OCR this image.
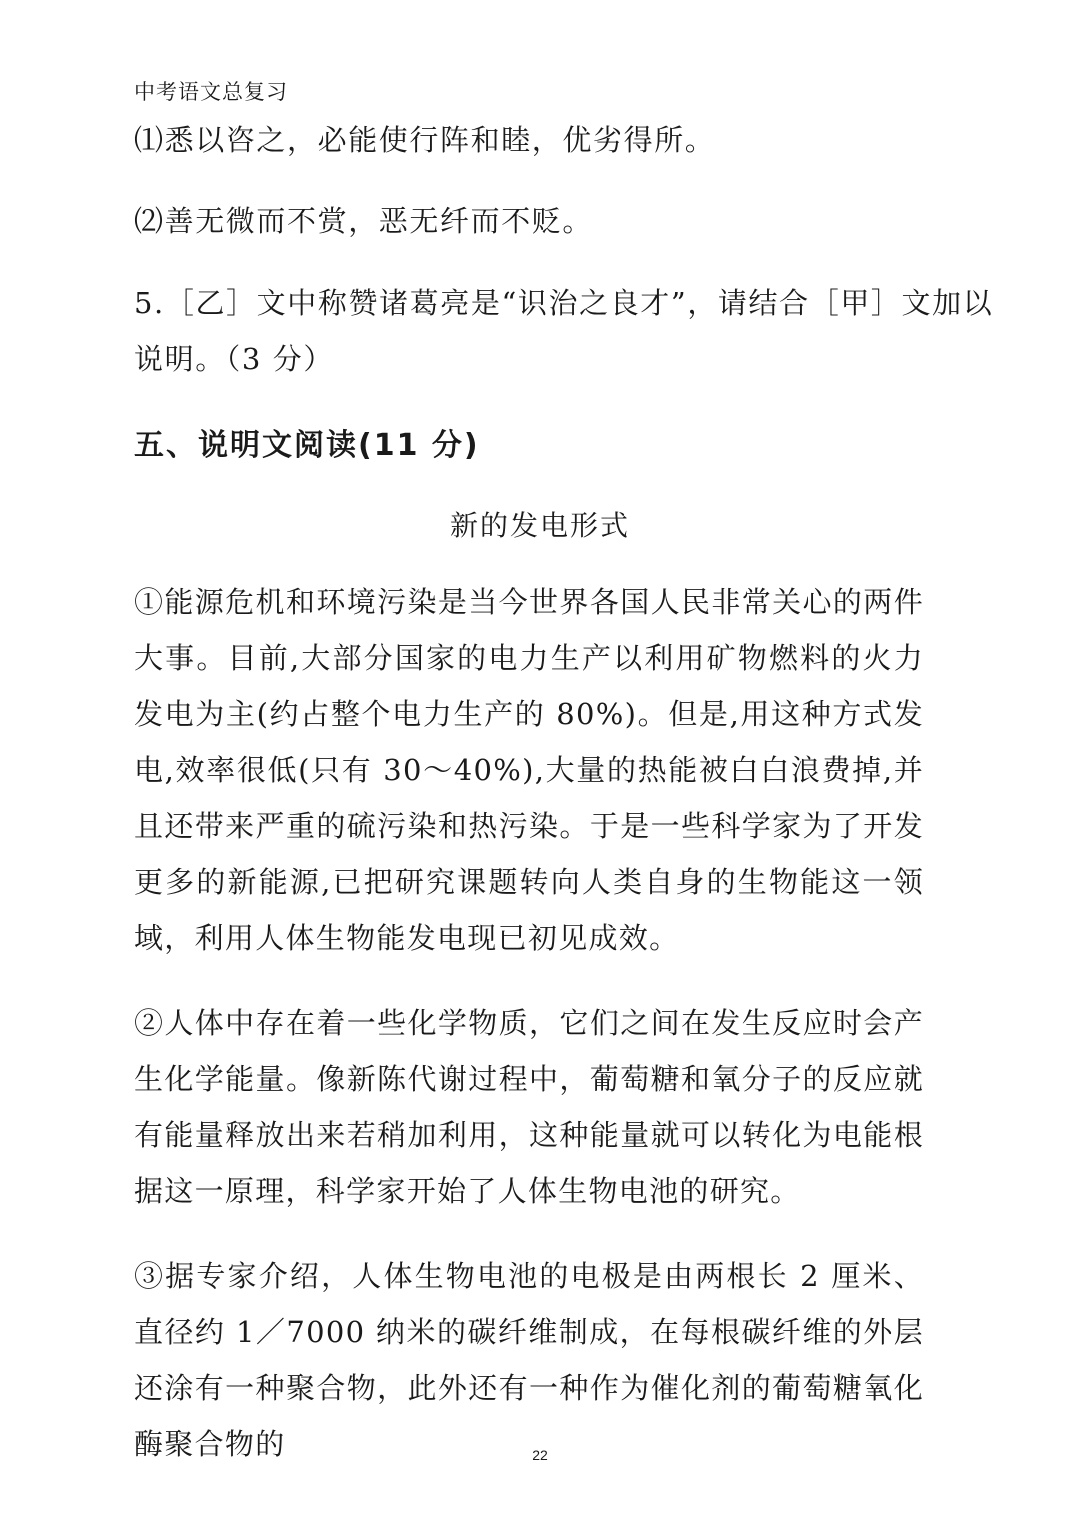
中考语文总复习
⑴悉以咨之，必能使行阵和睦，优劣得所。
⑵善无微而不赏，恶无纤而不贬。
5.［乙］文中称赞诸葛亮是“识治之良才”，请结合［甲］文加以
说明。（3 分）
五、说明文阅读(11 分)
新的发电形式
①能源危机和环境污染是当今世界各国人民非常关心的两件大事。目前,大部分国家的电力生产以利用矿物燃料的火力发电为主(约占整个电力生产的 80%)。但是,用这种方式发电,效率很低(只有 30～40%),大量的热能被白白浪费掉,并且还带来严重的硫污染和热污染。于是一些科学家为了开发更多的新能源,已把研究课题转向人类自身的生物能这一领域，利用人体生物能发电现已初见成效。
②人体中存在着一些化学物质，它们之间在发生反应时会产生化学能量。像新陈代谢过程中，葡萄糖和氧分子的反应就有能量释放出来若稍加利用，这种能量就可以转化为电能根据这一原理，科学家开始了人体生物电池的研究。
③据专家介绍，人体生物电池的电极是由两根长 2 厘米、直径约 1／7000 纳米的碳纤维制成，在每根碳纤维的外层还涂有一种聚合物，此外还有一种作为催化剂的葡萄糖氧化酶聚合物的	22
